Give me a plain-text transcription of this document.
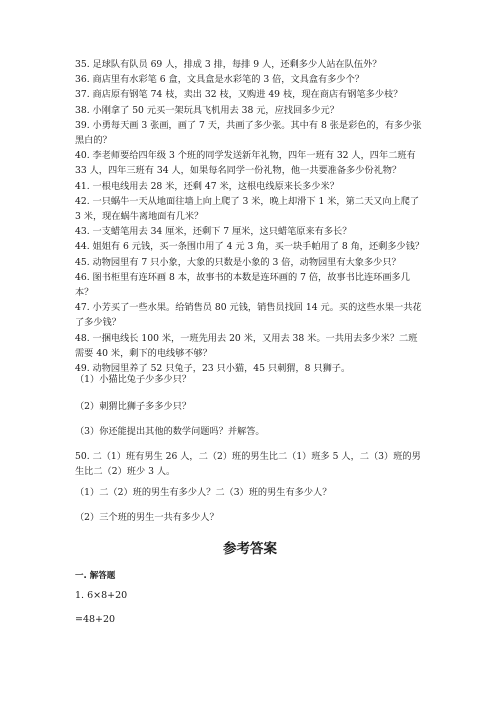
35. 足球队有队员 69 人，排成 3 排，每排 9 人，还剩多少人站在队伍外？

36. 商店里有水彩笔 6 盒，文具盒是水彩笔的 3 倍，文具盒有多少个？

37. 商店原有钢笔 74 枝，卖出 32 枝，又购进 49 枝，现在商店有钢笔多少枝？

38. 小刚拿了 50 元买一架玩具飞机用去 38 元，应找回多少元？

39. 小勇每天画 3 张画，画了 7 天，共画了多少张。其中有 8 张是彩色的，有多少张黑白的？

40. 李老师要给四年级 3 个班的同学发送新年礼物，四年一班有 32 人，四年二班有 33 人，四年三班有 34 人，如果每名同学一份礼物，他一共要准备多少份礼物？

41. 一根电线用去 28 米，还剩 47 米，这根电线原来长多少米？

42. 一只蜗牛一天从地面往墙上向上爬了 3 米，晚上却滑下 1 米，第二天又向上爬了 3 米，现在蜗牛离地面有几米？

43. 一支蜡笔用去 34 厘米，还剩下 7 厘米，这只蜡笔原来有多长？

44. 姐姐有 6 元钱，买一条围巾用了 4 元 3 角，买一块手帕用了 8 角，还剩多少钱？

45. 动物园里有 7 只小象，大象的只数是小象的 3 倍，动物园里有大象多少只？

46. 图书柜里有连环画 8 本，故事书的本数是连环画的 7 倍，故事书比连环画多几本？

47. 小芳买了一些水果。给销售员 80 元钱，销售员找回 14 元。买的这些水果一共花了多少钱？

48. 一捆电线长 100 米，一班先用去 20 米，又用去 38 米。一共用去多少米？二班需要 40 米，剩下的电线够不够？

49. 动物园里养了 52 只兔子，23 只小猫，45 只刺猬，8 只狮子。

（1）小猫比兔子少多少只？
（2）刺猬比狮子多多少只？
（3）你还能提出其他的数学问题吗？并解答。
50. 二（1）班有男生 26 人，二（2）班的男生比二（1）班多 5 人，二（3）班的男生比二（2）班少 3 人。
（1）二（2）班的男生有多少人？二（3）班的男生有多少人？
（2）三个班的男生一共有多少人？
参考答案
一. 解答题
1. 6×8+20
=48+20
